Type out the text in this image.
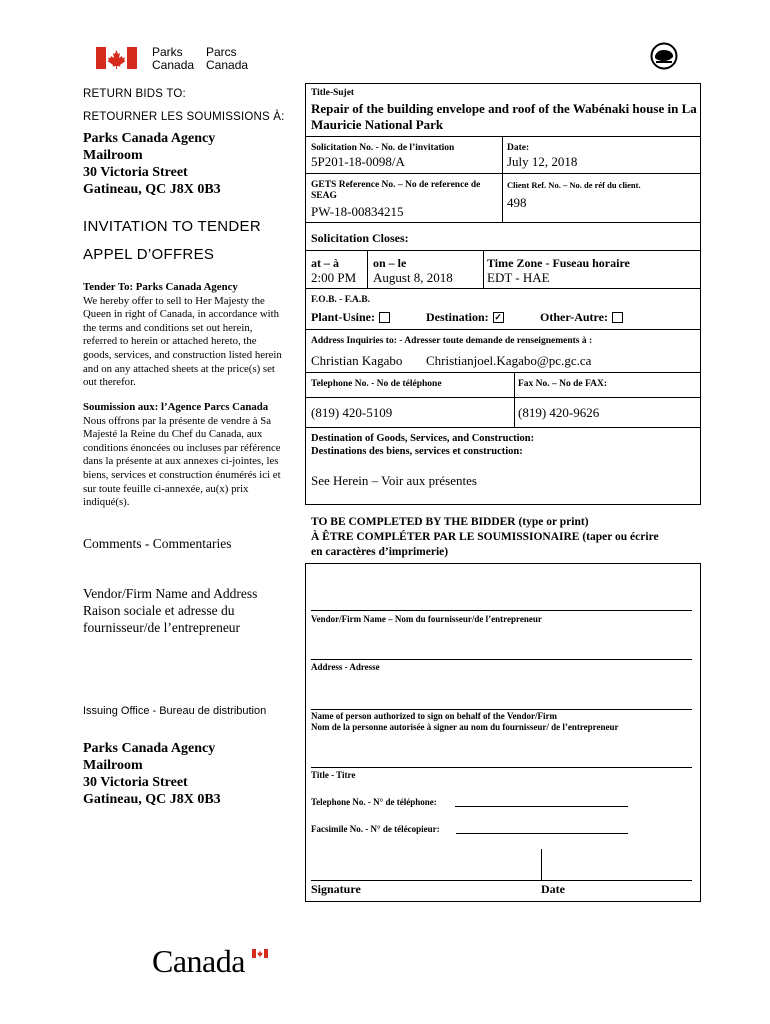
Parks
Canada
Parcs
Canada
RETURN BIDS TO:
RETOURNER LES SOUMISSIONS À:
Parks Canada Agency
Mailroom
30 Victoria Street
Gatineau, QC J8X 0B3
INVITATION TO TENDER
APPEL D’OFFRES
Tender To: Parks Canada Agency
We hereby offer to sell to Her Majesty the
Queen in right of Canada, in accordance with
the terms and conditions set out herein,
referred to herein or attached hereto, the
goods, services, and construction listed herein
and on any attached sheets at the price(s) set
out therefor.
Soumission aux: l’Agence Parcs Canada
Nous offrons par la présente de vendre à Sa
Majesté la Reine du Chef du Canada, aux
conditions énoncées ou incluses par référence
dans la présente at aux annexes ci-jointes, les
biens, services et construction énumérés ici et
sur toute feuille ci-annexée, au(x) prix
indiqué(s).
Comments - Commentaries
Vendor/Firm Name and Address
Raison sociale et adresse du
fournisseur/de l’entrepreneur
Issuing Office - Bureau de distribution
Parks Canada Agency
Mailroom
30 Victoria Street
Gatineau, QC J8X 0B3
Title-Sujet
Repair of the building envelope and roof of the Wabénaki house in La
Mauricie National Park
Solicitation No. - No. de l’invitation
5P201-18-0098/A
Date:
July 12, 2018
GETS Reference No. – No de reference de
SEAG
PW-18-00834215
Client Ref. No. – No. de réf du client.
498
Solicitation Closes:
at – à
2:00 PM
on – le
August 8, 2018
Time Zone - Fuseau horaire
EDT - HAE
F.O.B. - F.A.B.
Plant-Usine:	Destination: ✓	Other-Autre:
Address Inquiries to: - Adresser toute demande de renseignements à :
Christian Kagabo Christianjoel.Kagabo@pc.gc.ca
Telephone No. - No de téléphone	Fax No. – No de FAX:
(819) 420-5109	(819) 420-9626
Destination of Goods, Services, and Construction:
Destinations des biens, services et construction:
See Herein – Voir aux présentes
TO BE COMPLETED BY THE BIDDER (type or print)
À ÊTRE COMPLÉTER PAR LE SOUMISSIONAIRE (taper ou écrire
en caractères d’imprimerie)
Vendor/Firm Name – Nom du fournisseur/de l’entrepreneur
Address - Adresse
Name of person authorized to sign on behalf of the Vendor/Firm
Nom de la personne autorisée à signer au nom du fournisseur/ de l’entrepreneur
Title - Titre
Telephone No. - N° de téléphone:
Facsimile No. - N° de télécopieur:
Signature	Date
Canada
